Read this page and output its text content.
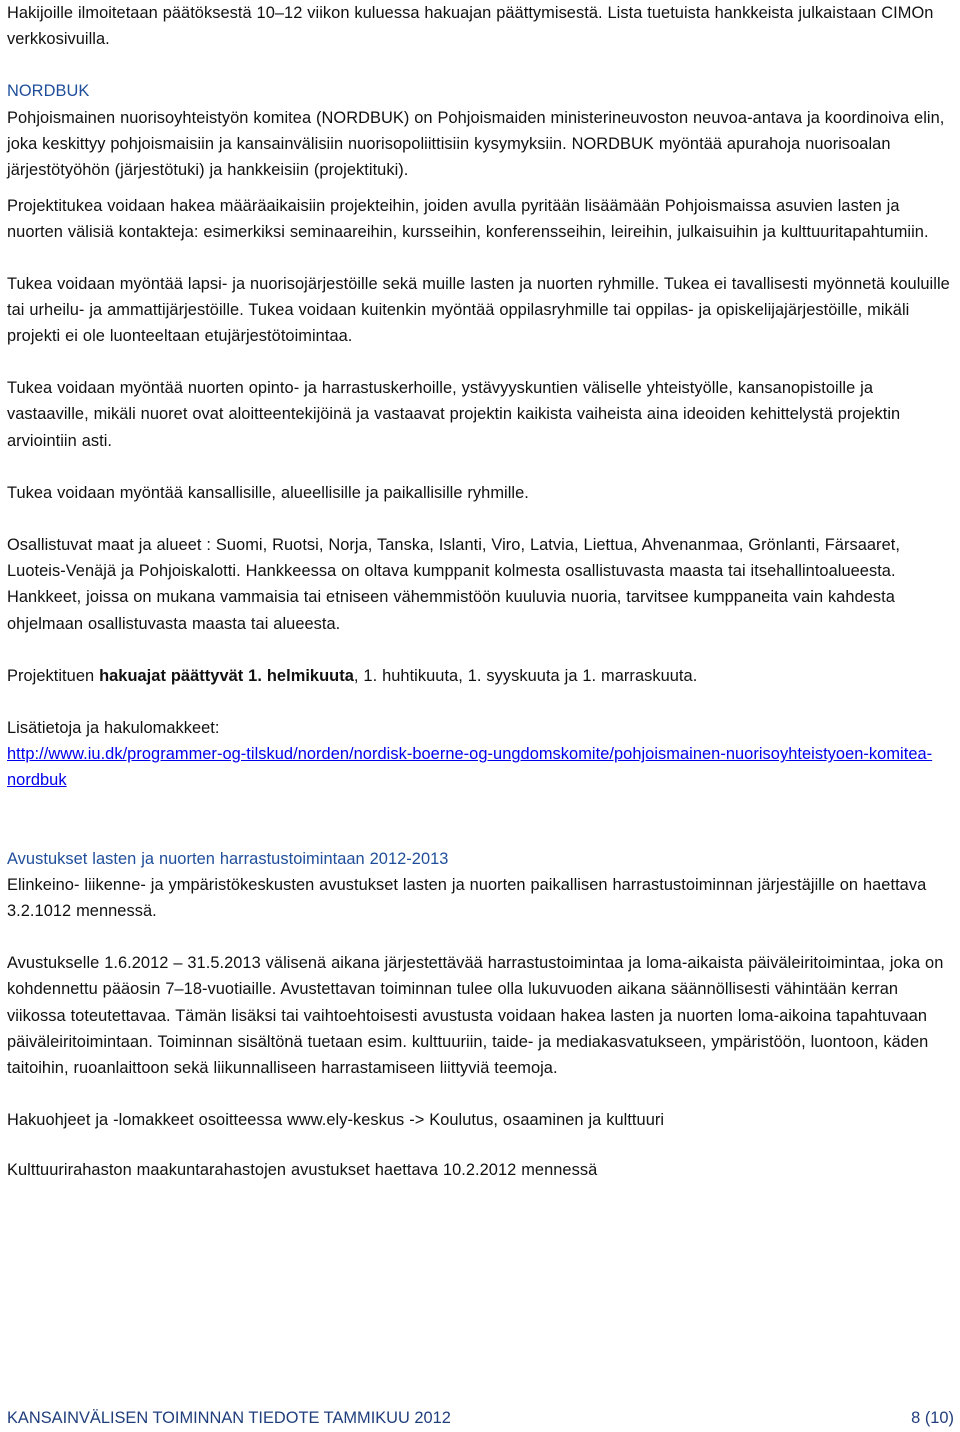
Hakijoille ilmoitetaan päätöksestä 10–12 viikon kuluessa hakuajan päättymisestä. Lista tuetuista hankkeista julkaistaan CIMOn verkkosivuilla.

NORDBUK

Pohjoismainen nuorisoyhteistyön komitea (NORDBUK) on Pohjoismaiden ministerineuvoston neuvoa-antava ja koordinoiva elin, joka keskittyy pohjoismaisiin ja kansainvälisiin nuorisopoliittisiin kysymyksiin. NORDBUK myöntää apurahoja nuorisoalan järjestötyöhön (järjestötuki) ja hankkeisiin (projektituki).

Projektitukea voidaan hakea määräaikaisiin projekteihin, joiden avulla pyritään lisäämään Pohjoismaissa asuvien lasten ja nuorten välisiä kontakteja: esimerkiksi seminaareihin, kursseihin, konferensseihin, leireihin, julkaisuihin ja kulttuuritapahtumiin.

Tukea voidaan myöntää lapsi- ja nuorisojärjestöille sekä muille lasten ja nuorten ryhmille. Tukea ei tavallisesti myönnetä kouluille tai urheilu- ja ammattijärjestöille. Tukea voidaan kuitenkin myöntää oppilasryhmille tai oppilas- ja opiskelijajärjestöille, mikäli projekti ei ole luonteeltaan etujärjestötoimintaa.

Tukea voidaan myöntää nuorten opinto- ja harrastuskerhoille, ystävyyskuntien väliselle yhteistyölle, kansanopistoille ja vastaaville, mikäli nuoret ovat aloitteentekijöinä ja vastaavat projektin kaikista vaiheista aina ideoiden kehittelystä projektin arviointiin asti.

Tukea voidaan myöntää kansallisille, alueellisille ja paikallisille ryhmille.

Osallistuvat maat ja alueet : Suomi, Ruotsi, Norja, Tanska, Islanti, Viro, Latvia, Liettua, Ahvenanmaa, Grönlanti, Färsaaret, Luoteis-Venäjä ja Pohjoiskalotti. Hankkeessa on oltava kumppanit kolmesta osallistuvasta maasta tai itsehallintoalueesta. Hankkeet, joissa on mukana vammaisia tai etniseen vähemmistöön kuuluvia nuoria, tarvitsee kumppaneita vain kahdesta ohjelmaan osallistuvasta maasta tai alueesta.

Projektituen hakuajat päättyvät 1. helmikuuta, 1. huhtikuuta, 1. syyskuuta ja 1. marraskuuta.

Lisätietoja ja hakulomakkeet:

http://www.iu.dk/programmer-og-tilskud/norden/nordisk-boerne-og-ungdomskomite/pohjoismainen-nuorisoyhteistyoen-komitea-nordbuk

Avustukset lasten ja nuorten harrastustoimintaan 2012-2013

Elinkeino- liikenne- ja ympäristökeskusten avustukset lasten ja nuorten paikallisen harrastustoiminnan järjestäjille on haettava 3.2.1012 mennessä.

Avustukselle 1.6.2012 – 31.5.2013 välisenä aikana järjestettävää harrastustoimintaa ja loma-aikaista päiväleiritoimintaa, joka on kohdennettu pääosin 7–18-vuotiaille. Avustettavan toiminnan tulee olla lukuvuoden aikana säännöllisesti vähintään kerran viikossa toteutettavaa. Tämän lisäksi tai vaihtoehtoisesti avustusta voidaan hakea lasten ja nuorten loma-aikoina tapahtuvaan päiväleiritoimintaan. Toiminnan sisältönä tuetaan esim. kulttuuriin, taide- ja mediakasvatukseen, ympäristöön, luontoon, käden taitoihin, ruoanlaittoon sekä liikunnalliseen harrastamiseen liittyviä teemoja.

Hakuohjeet ja -lomakkeet osoitteessa www.ely-keskus -> Koulutus, osaaminen ja kulttuuri

Kulttuurirahaston maakuntarahastojen avustukset haettava 10.2.2012 mennessä

KANSAINVÄLISEN TOIMINNAN TIEDOTE TAMMIKUU 2012	8 (10)
